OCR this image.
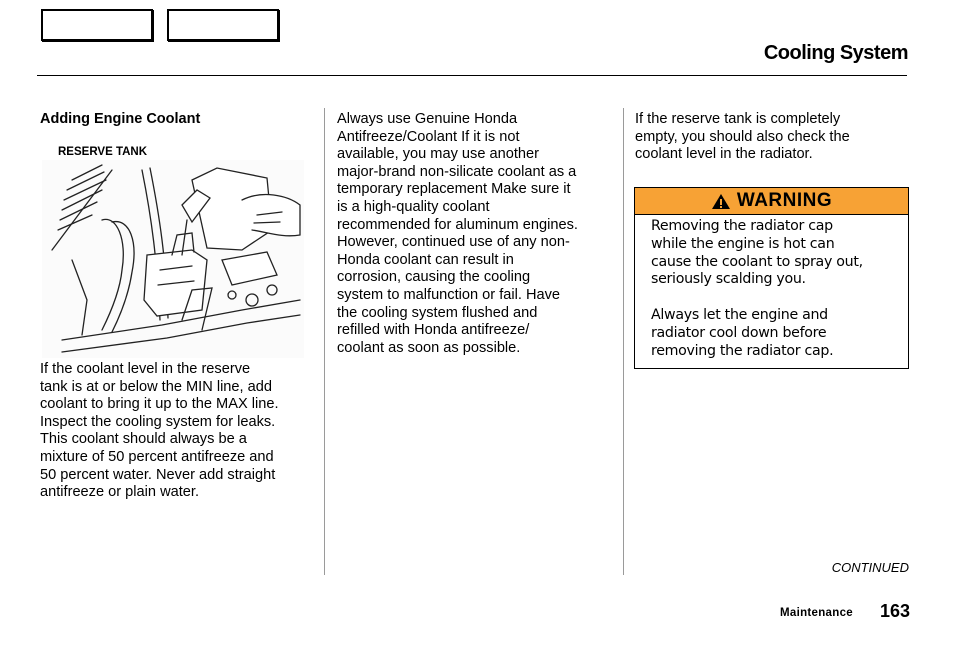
Cooling System
Adding Engine Coolant
RESERVE TANK
If the coolant level in the reserve
tank is at or below the MIN line, add
coolant to bring it up to the MAX line.
Inspect the cooling system for leaks.
This coolant should always be a
mixture of 50 percent antifreeze and
50 percent water. Never add straight
antifreeze or plain water.
Always use Genuine Honda
Antifreeze/Coolant If it is not
available, you may use another
major-brand non-silicate coolant as a
temporary replacement Make sure it
is a high-quality coolant
recommended for aluminum engines.
However, continued use of any non-
Honda coolant can result in
corrosion, causing the cooling
system to malfunction or fail. Have
the cooling system flushed and
refilled with Honda antifreeze/
coolant as soon as possible.
If the reserve tank is completely
empty, you should also check the
coolant level in the radiator.
WARNING
Removing the radiator cap
while the engine is hot can
cause the coolant to spray out,
seriously scalding you.
Always let the engine and
radiator cool down before
removing the radiator cap.
CONTINUED
Maintenance 163
